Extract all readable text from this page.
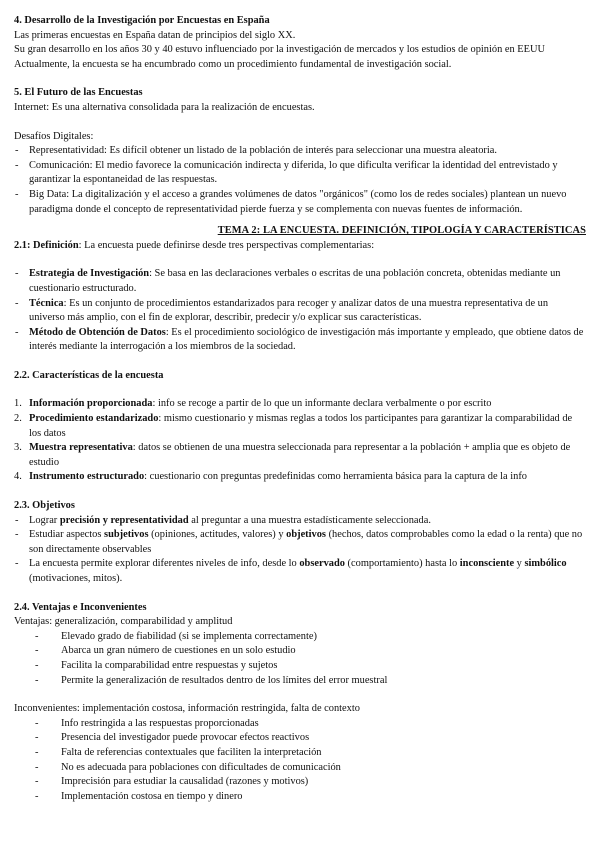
4. Desarrollo de la Investigación por Encuestas en España

Las primeras encuestas en España datan de principios del siglo XX.

Su gran desarrollo en los años 30 y 40 estuvo influenciado por la investigación de mercados y los estudios de opinión en EEUU

Actualmente, la encuesta se ha encumbrado como un procedimiento fundamental de investigación social.

5. El Futuro de las Encuestas

Internet: Es una alternativa consolidada para la realización de encuestas.

Desafíos Digitales:

- Representatividad: Es difícil obtener un listado de la población de interés para seleccionar una muestra aleatoria.
- Comunicación: El medio favorece la comunicación indirecta y diferida, lo que dificulta verificar la identidad del entrevistado y garantizar la espontaneidad de las respuestas.
- Big Data: La digitalización y el acceso a grandes volúmenes de datos "orgánicos" (como los de redes sociales) plantean un nuevo paradigma donde el concepto de representatividad pierde fuerza y se complementa con nuevas fuentes de información.

TEMA 2: LA ENCUESTA. DEFINICIÓN, TIPOLOGÍA Y CARACTERÍSTICAS

2.1: Definición: La encuesta puede definirse desde tres perspectivas complementarias:

- Estrategia de Investigación: Se basa en las declaraciones verbales o escritas de una población concreta, obtenidas mediante un cuestionario estructurado.
- Técnica: Es un conjunto de procedimientos estandarizados para recoger y analizar datos de una muestra representativa de un universo más amplio, con el fin de explorar, describir, predecir y/o explicar sus características.
- Método de Obtención de Datos: Es el procedimiento sociológico de investigación más importante y empleado, que obtiene datos de interés mediante la interrogación a los miembros de la sociedad.
2.2. Características de la encuesta
1. Información proporcionada: info se recoge a partir de lo que un informante declara verbalmente o por escrito
2. Procedimiento estandarizado: mismo cuestionario y mismas reglas a todos los participantes para garantizar la comparabilidad de los datos
3. Muestra representativa: datos se obtienen de una muestra seleccionada para representar a la población + amplia que es objeto de estudio
4. Instrumento estructurado: cuestionario con preguntas predefinidas como herramienta básica para la captura de la info
2.3. Objetivos
- Lograr precisión y representatividad al preguntar a una muestra estadísticamente seleccionada.
- Estudiar aspectos subjetivos (opiniones, actitudes, valores) y objetivos (hechos, datos comprobables como la edad o la renta) que no son directamente observables
- La encuesta permite explorar diferentes niveles de info, desde lo observado (comportamiento) hasta lo inconsciente y simbólico (motivaciones, mitos).
2.4. Ventajas e Inconvenientes

Ventajas: generalización, comparabilidad y amplitud

- Elevado grado de fiabilidad (si se implementa correctamente)
- Abarca un gran número de cuestiones en un solo estudio
- Facilita la comparabilidad entre respuestas y sujetos
- Permite la generalización de resultados dentro de los límites del error muestral

Inconvenientes: implementación costosa, información restringida, falta de contexto

- Info restringida a las respuestas proporcionadas
- Presencia del investigador puede provocar efectos reactivos
- Falta de referencias contextuales que faciliten la interpretación
- No es adecuada para poblaciones con dificultades de comunicación
- Imprecisión para estudiar la causalidad (razones y motivos)
- Implementación costosa en tiempo y dinero
